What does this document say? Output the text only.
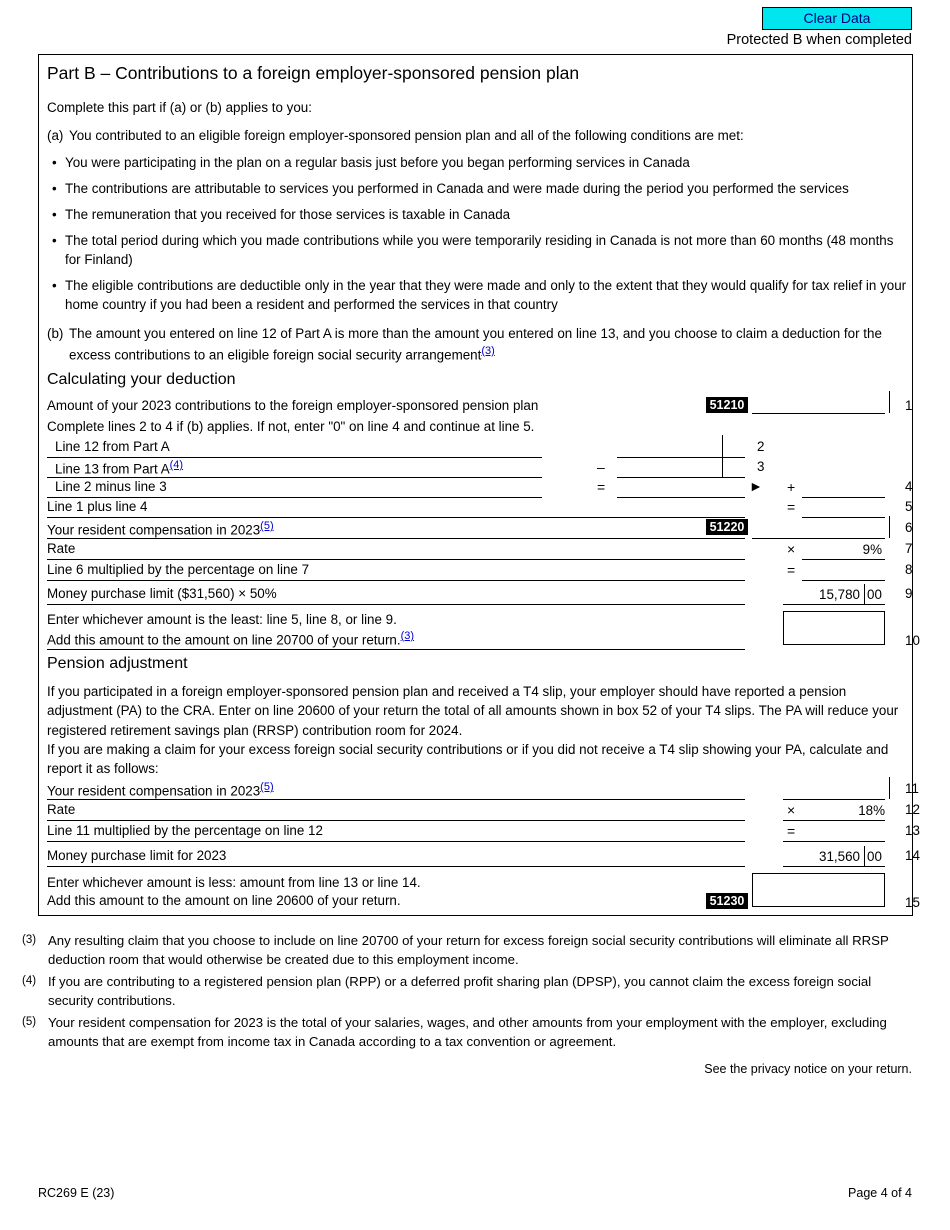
Clear Data
Protected B when completed
Part B – Contributions to a foreign employer-sponsored pension plan

Complete this part if (a) or (b) applies to you:

(a) You contributed to an eligible foreign employer-sponsored pension plan and all of the following conditions are met:
• You were participating in the plan on a regular basis just before you began performing services in Canada
• The contributions are attributable to services you performed in Canada and were made during the period you performed the services
• The remuneration that you received for those services is taxable in Canada
• The total period during which you made contributions while you were temporarily residing in Canada is not more than 60 months (48 months for Finland)
• The eligible contributions are deductible only in the year that they were made and only to the extent that they would qualify for tax relief in your home country if you had been a resident and performed the services in that country
(b) The amount you entered on line 12 of Part A is more than the amount you entered on line 13, and you choose to claim a deduction for the excess contributions to an eligible foreign social security arrangement$^{(3)}$
Calculating your deduction
Amount of your 2023 contributions to the foreign employer-sponsored pension plan	51210	1
Complete lines 2 to 4 if (b) applies. If not, enter "0" on line 4 and continue at line 5.
Line 12 from Part A	2
Line 13 from Part A$^{(4)}$	–	3
Line 2 minus line 3	=	► +	4
Line 1 plus line 4	=	5
Your resident compensation in 2023$^{(5)}$	51220	6
Rate	×	9% 7
Line 6 multiplied by the percentage on line 7	=	8
Money purchase limit ($31,560) × 50%	15,780 00	9
Enter whichever amount is the least: line 5, line 8, or line 9.
Add this amount to the amount on line 20700 of your return.$^{(3)}$	10
Pension adjustment
If you participated in a foreign employer-sponsored pension plan and received a T4 slip, your employer should have reported a pension adjustment (PA) to the CRA. Enter on line 20600 of your return the total of all amounts shown in box 52 of your T4 slips. The PA will reduce your registered retirement savings plan (RRSP) contribution room for 2024.
If you are making a claim for your excess foreign social security contributions or if you did not receive a T4 slip showing your PA, calculate and report it as follows:
Your resident compensation in 2023$^{(5)}$	11
Rate	×	18% 12
Line 11 multiplied by the percentage on line 12	=	13
Money purchase limit for 2023	31,560 00	14
Enter whichever amount is less: amount from line 13 or line 14.
Add this amount to the amount on line 20600 of your return.	51230	15
(3) Any resulting claim that you choose to include on line 20700 of your return for excess foreign social security contributions will eliminate all RRSP deduction room that would otherwise be created due to this employment income.
(4) If you are contributing to a registered pension plan (RPP) or a deferred profit sharing plan (DPSP), you cannot claim the excess foreign social security contributions.
(5) Your resident compensation for 2023 is the total of your salaries, wages, and other amounts from your employment with the employer, excluding amounts that are exempt from income tax in Canada according to a tax convention or agreement.
See the privacy notice on your return.
RC269 E (23)	Page 4 of 4
